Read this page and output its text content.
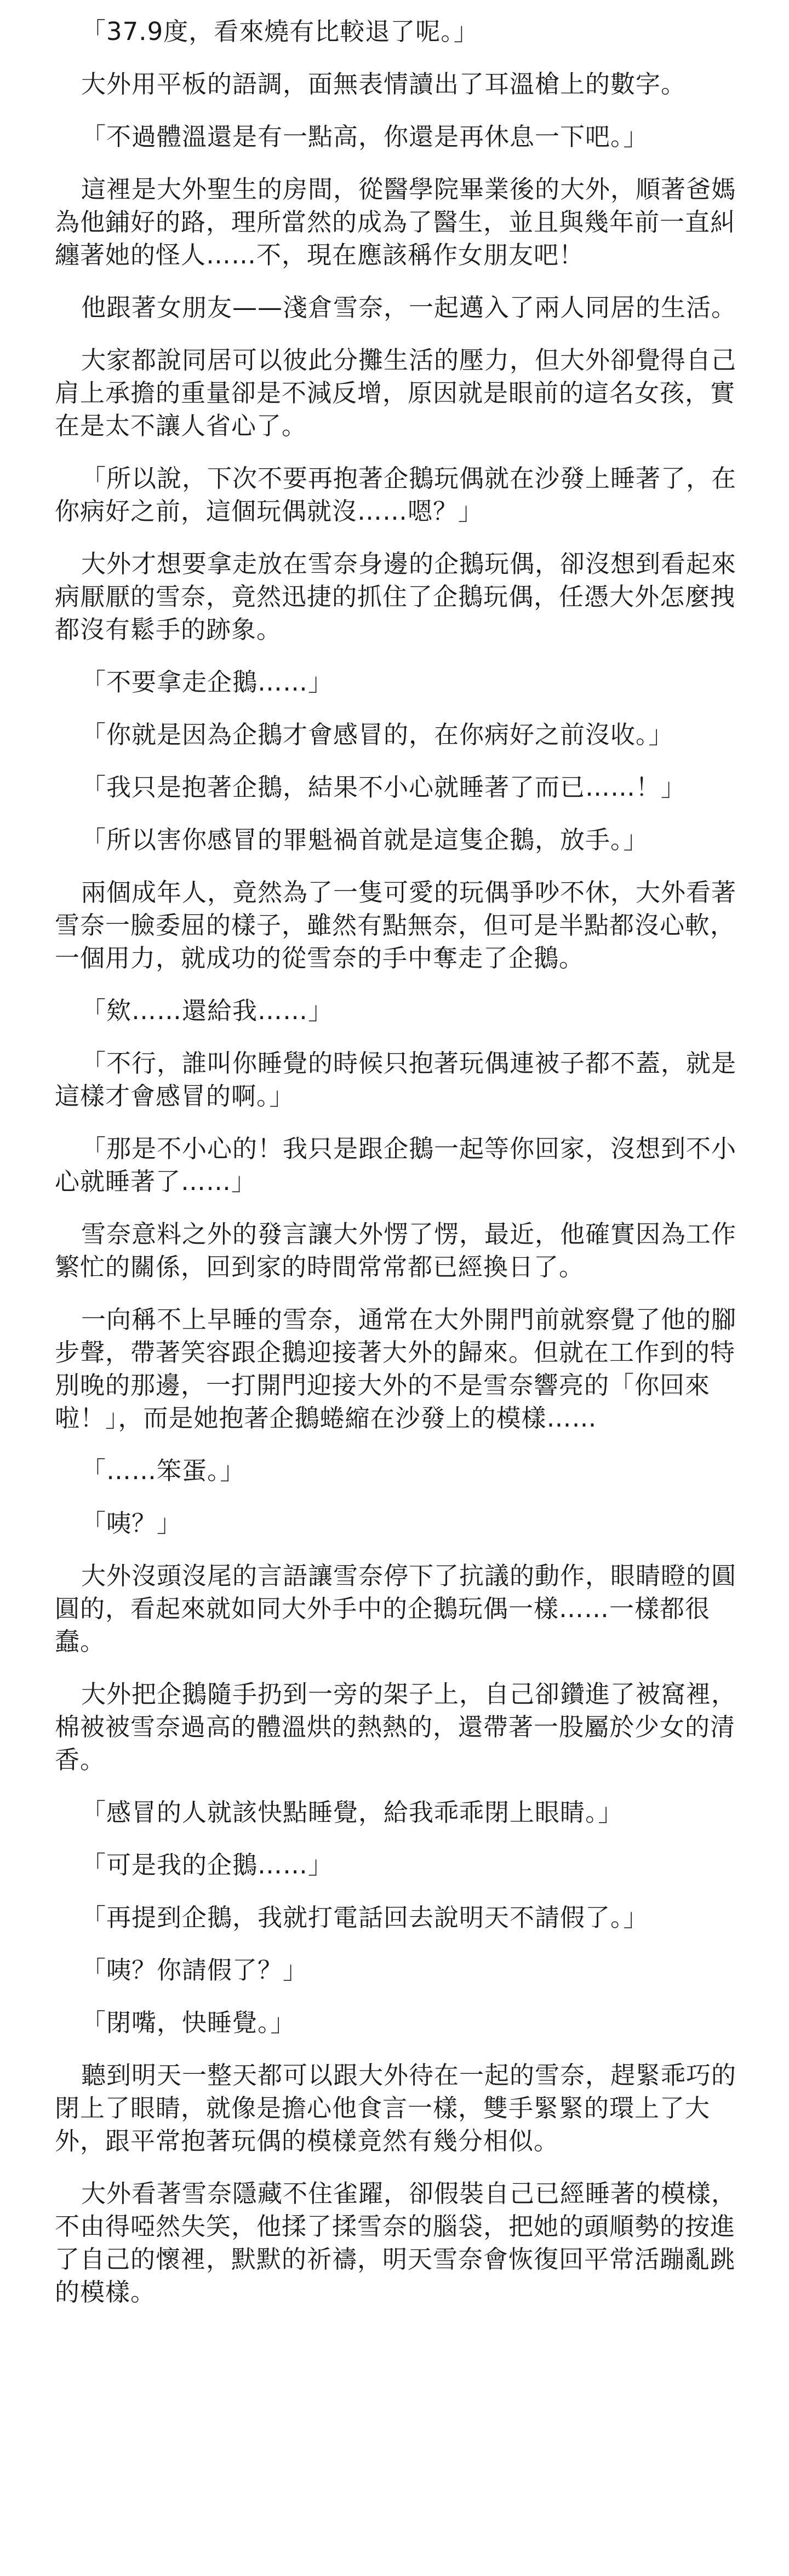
「37.9度，看來燒有比較退了呢。」

大外用平板的語調，面無表情讀出了耳溫槍上的數字。

「不過體溫還是有一點高，你還是再休息一下吧。」

這裡是大外聖生的房間，從醫學院畢業後的大外，順著爸媽為他鋪好的路，理所當然的成為了醫生，並且與幾年前一直糾纏著她的怪人……不，現在應該稱作女朋友吧！

他跟著女朋友——淺倉雪奈，一起邁入了兩人同居的生活。

大家都說同居可以彼此分攤生活的壓力，但大外卻覺得自己肩上承擔的重量卻是不減反增，原因就是眼前的這名女孩，實在是太不讓人省心了。

「所以說，下次不要再抱著企鵝玩偶就在沙發上睡著了，在你病好之前，這個玩偶就沒……嗯？」

大外才想要拿走放在雪奈身邊的企鵝玩偶，卻沒想到看起來病厭厭的雪奈，竟然迅捷的抓住了企鵝玩偶，任憑大外怎麼拽都沒有鬆手的跡象。

「不要拿走企鵝……」

「你就是因為企鵝才會感冒的，在你病好之前沒收。」

「我只是抱著企鵝，結果不小心就睡著了而已……！」

「所以害你感冒的罪魁禍首就是這隻企鵝，放手。」

兩個成年人，竟然為了一隻可愛的玩偶爭吵不休，大外看著雪奈一臉委屈的樣子，雖然有點無奈，但可是半點都沒心軟，一個用力，就成功的從雪奈的手中奪走了企鵝。

「欸……還給我……」

「不行，誰叫你睡覺的時候只抱著玩偶連被子都不蓋，就是這樣才會感冒的啊。」

「那是不小心的！我只是跟企鵝一起等你回家，沒想到不小心就睡著了……」

雪奈意料之外的發言讓大外愣了愣，最近，他確實因為工作繁忙的關係，回到家的時間常常都已經換日了。

一向稱不上早睡的雪奈，通常在大外開門前就察覺了他的腳步聲，帶著笑容跟企鵝迎接著大外的歸來。但就在工作到的特別晚的那邊，一打開門迎接大外的不是雪奈響亮的「你回來啦！」，而是她抱著企鵝蜷縮在沙發上的模樣……

「……笨蛋。」

「咦？」

大外沒頭沒尾的言語讓雪奈停下了抗議的動作，眼睛瞪的圓圓的，看起來就如同大外手中的企鵝玩偶一樣……一樣都很蠢。

大外把企鵝隨手扔到一旁的架子上，自己卻鑽進了被窩裡，棉被被雪奈過高的體溫烘的熱熱的，還帶著一股屬於少女的清香。

「感冒的人就該快點睡覺，給我乖乖閉上眼睛。」

「可是我的企鵝……」

「再提到企鵝，我就打電話回去說明天不請假了。」

「咦？你請假了？」

「閉嘴，快睡覺。」

聽到明天一整天都可以跟大外待在一起的雪奈，趕緊乖巧的閉上了眼睛，就像是擔心他食言一樣，雙手緊緊的環上了大外，跟平常抱著玩偶的模樣竟然有幾分相似。

大外看著雪奈隱藏不住雀躍，卻假裝自己已經睡著的模樣，不由得啞然失笑，他揉了揉雪奈的腦袋，把她的頭順勢的按進了自己的懷裡，默默的祈禱，明天雪奈會恢復回平常活蹦亂跳的模樣。
